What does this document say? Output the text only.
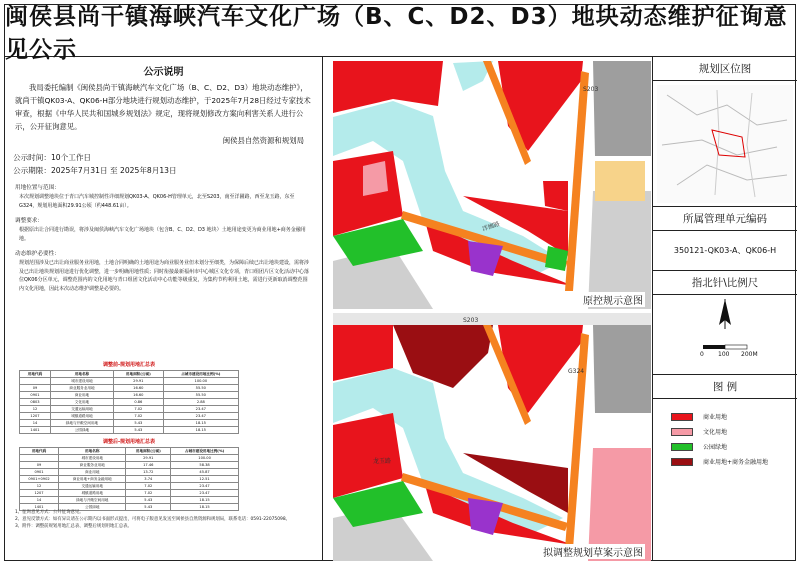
闽侯县尚干镇海峡汽车文化广场（B、C、D2、D3）地块动态维护征询意见公示
公示说明
我局委托编制《闽侯县尚干镇海峡汽车文化广场（B、C、D2、D3）地块动态维护》，就尚干镇QK03-A、QK06-H部分地块进行规划动态维护，于2025年7月28日经过专家技术审查，根据《中华人民共和国城乡规划法》规定，现将规划修改方案向利害关系人进行公示，公开征询意见。
闽侯县自然资源和规划局
公示时间：10个工作日
公示期限：2025年7月31日 至 2025年8月13日
用地位置与范围：
本次规划调整地块位于青口汽车城控制性详细规划QK03-A、QK06-H管理单元，北至S203，南至洋圃路，西至龙玉路，东至G324，规划用地面积29.91公顷（约448.61亩）。
调整要求：
根据原出让合同进行勘误，将涉及闽侯海峡汽车文化广场地块（包含B、C、D2、D3 地块）土地用途变更为商业用地+商务金融用地。
动态维护必要性：
规划范围涉及已出让商业服务业用地，土地合同明确的土地用途为商业服务业但未划分至细类，为保障后续已出让地块建设，需将涉及已出让地块规划用途进行优化调整，进一步明确用地性质；同时衔接最新福州市中心城区文化专项，青口组团片区文化活动中心落位QK06分区单元，调整范围内的文化用地与青口组团文化活动中心功能等级重复，为集约节约利用土地，需进行更新取消调整范围内文化用地，因此本次动态维护调整是必要的。
调整前-规划用地汇总表
用地代码	用地名称	用地面积(公顷)	占城市建设用地比例(%)
	城市建设用地	29.91	100.00
09	商业服务业用地	16.60	55.50
0901	商业用地	16.60	55.50
0803	文化用地	0.86	2.88
12	交通运输用地	7.02	23.47
1207	城镇道路用地	7.02	23.47
14	绿地与开敞空间用地	5.43	18.15
1401	公园绿地	5.43	18.15
调整后-规划用地汇总表
用地代码	用地名称	用地面积(公顷)	占城市建设用地比例(%)
	城市建设用地	29.91	100.00
09	商业服务业用地	17.46	58.38
0901	商业用地	13.72	45.87
0901+0902	商业用地+商务金融用地	3.74	12.51
12	交通运输用地	7.02	23.47
1207	城镇道路用地	7.02	23.47
14	绿地与开敞空间用地	5.43	18.15
1401	公园绿地	5.43	18.15
1、征询意见方式：公开征询意见。
2、意见反馈方式：如有异议请在公示期内以书面形式提出，可将电子版意见发送至闽侯县自然资源和规划局，联系电话：0591-22075098。
3、附件：调整前规划用地汇总表、调整后规划用地汇总表。
S203
洋圃路
原控规示意图
S203
G324
龙玉路
拟调整规划草案示意图
规划区位图
所属管理单元编码
350121-QK03-A、QK06-H
指北针\比例尺
0 100 200M
图 例
商业用地
文化用地
公园绿地
商业用地+商务金融用地
